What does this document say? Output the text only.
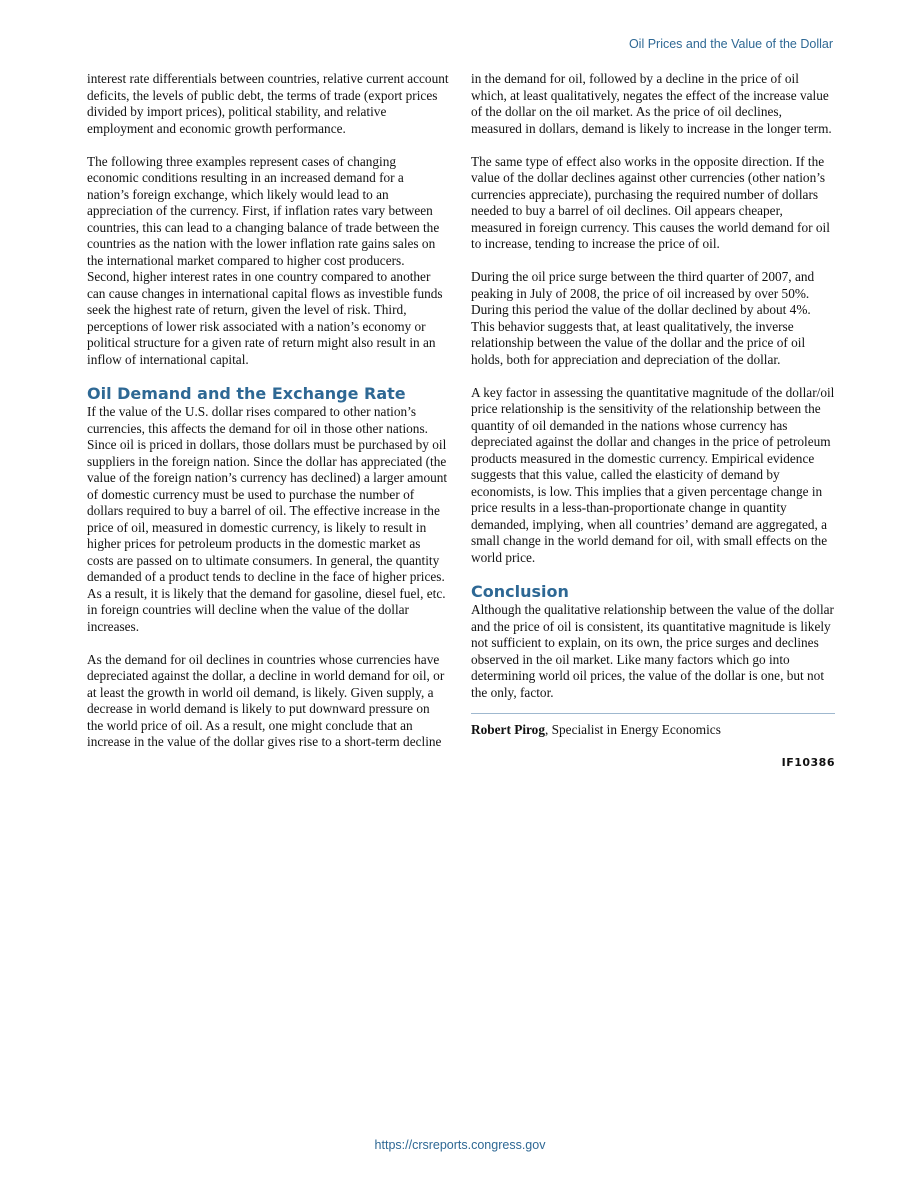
Oil Prices and the Value of the Dollar

interest rate differentials between countries, relative current account deficits, the levels of public debt, the terms of trade (export prices divided by import prices), political stability, and relative employment and economic growth performance.

The following three examples represent cases of changing economic conditions resulting in an increased demand for a nation’s foreign exchange, which likely would lead to an appreciation of the currency. First, if inflation rates vary between countries, this can lead to a changing balance of trade between the countries as the nation with the lower inflation rate gains sales on the international market compared to higher cost producers. Second, higher interest rates in one country compared to another can cause changes in international capital flows as investible funds seek the highest rate of return, given the level of risk. Third, perceptions of lower risk associated with a nation’s economy or political structure for a given rate of return might also result in an inflow of international capital.

Oil Demand and the Exchange Rate

If the value of the U.S. dollar rises compared to other nation’s currencies, this affects the demand for oil in those other nations. Since oil is priced in dollars, those dollars must be purchased by oil suppliers in the foreign nation. Since the dollar has appreciated (the value of the foreign nation’s currency has declined) a larger amount of domestic currency must be used to purchase the number of dollars required to buy a barrel of oil. The effective increase in the price of oil, measured in domestic currency, is likely to result in higher prices for petroleum products in the domestic market as costs are passed on to ultimate consumers. In general, the quantity demanded of a product tends to decline in the face of higher prices. As a result, it is likely that the demand for gasoline, diesel fuel, etc. in foreign countries will decline when the value of the dollar increases.

As the demand for oil declines in countries whose currencies have depreciated against the dollar, a decline in world demand for oil, or at least the growth in world oil demand, is likely. Given supply, a decrease in world demand is likely to put downward pressure on the world price of oil. As a result, one might conclude that an increase in the value of the dollar gives rise to a short-term decline

in the demand for oil, followed by a decline in the price of oil which, at least qualitatively, negates the effect of the increase value of the dollar on the oil market. As the price of oil declines, measured in dollars, demand is likely to increase in the longer term.

The same type of effect also works in the opposite direction. If the value of the dollar declines against other currencies (other nation’s currencies appreciate), purchasing the required number of dollars needed to buy a barrel of oil declines. Oil appears cheaper, measured in foreign currency. This causes the world demand for oil to increase, tending to increase the price of oil.

During the oil price surge between the third quarter of 2007, and peaking in July of 2008, the price of oil increased by over 50%. During this period the value of the dollar declined by about 4%. This behavior suggests that, at least qualitatively, the inverse relationship between the value of the dollar and the price of oil holds, both for appreciation and depreciation of the dollar.

A key factor in assessing the quantitative magnitude of the dollar/oil price relationship is the sensitivity of the relationship between the quantity of oil demanded in the nations whose currency has depreciated against the dollar and changes in the price of petroleum products measured in the domestic currency. Empirical evidence suggests that this value, called the elasticity of demand by economists, is low. This implies that a given percentage change in price results in a less-than-proportionate change in quantity demanded, implying, when all countries’ demand are aggregated, a small change in the world demand for oil, with small effects on the world price.

Conclusion

Although the qualitative relationship between the value of the dollar and the price of oil is consistent, its quantitative magnitude is likely not sufficient to explain, on its own, the price surges and declines observed in the oil market. Like many factors which go into determining world oil prices, the value of the dollar is one, but not the only, factor.

Robert Pirog, Specialist in Energy Economics

IF10386
https://crsreports.congress.gov
